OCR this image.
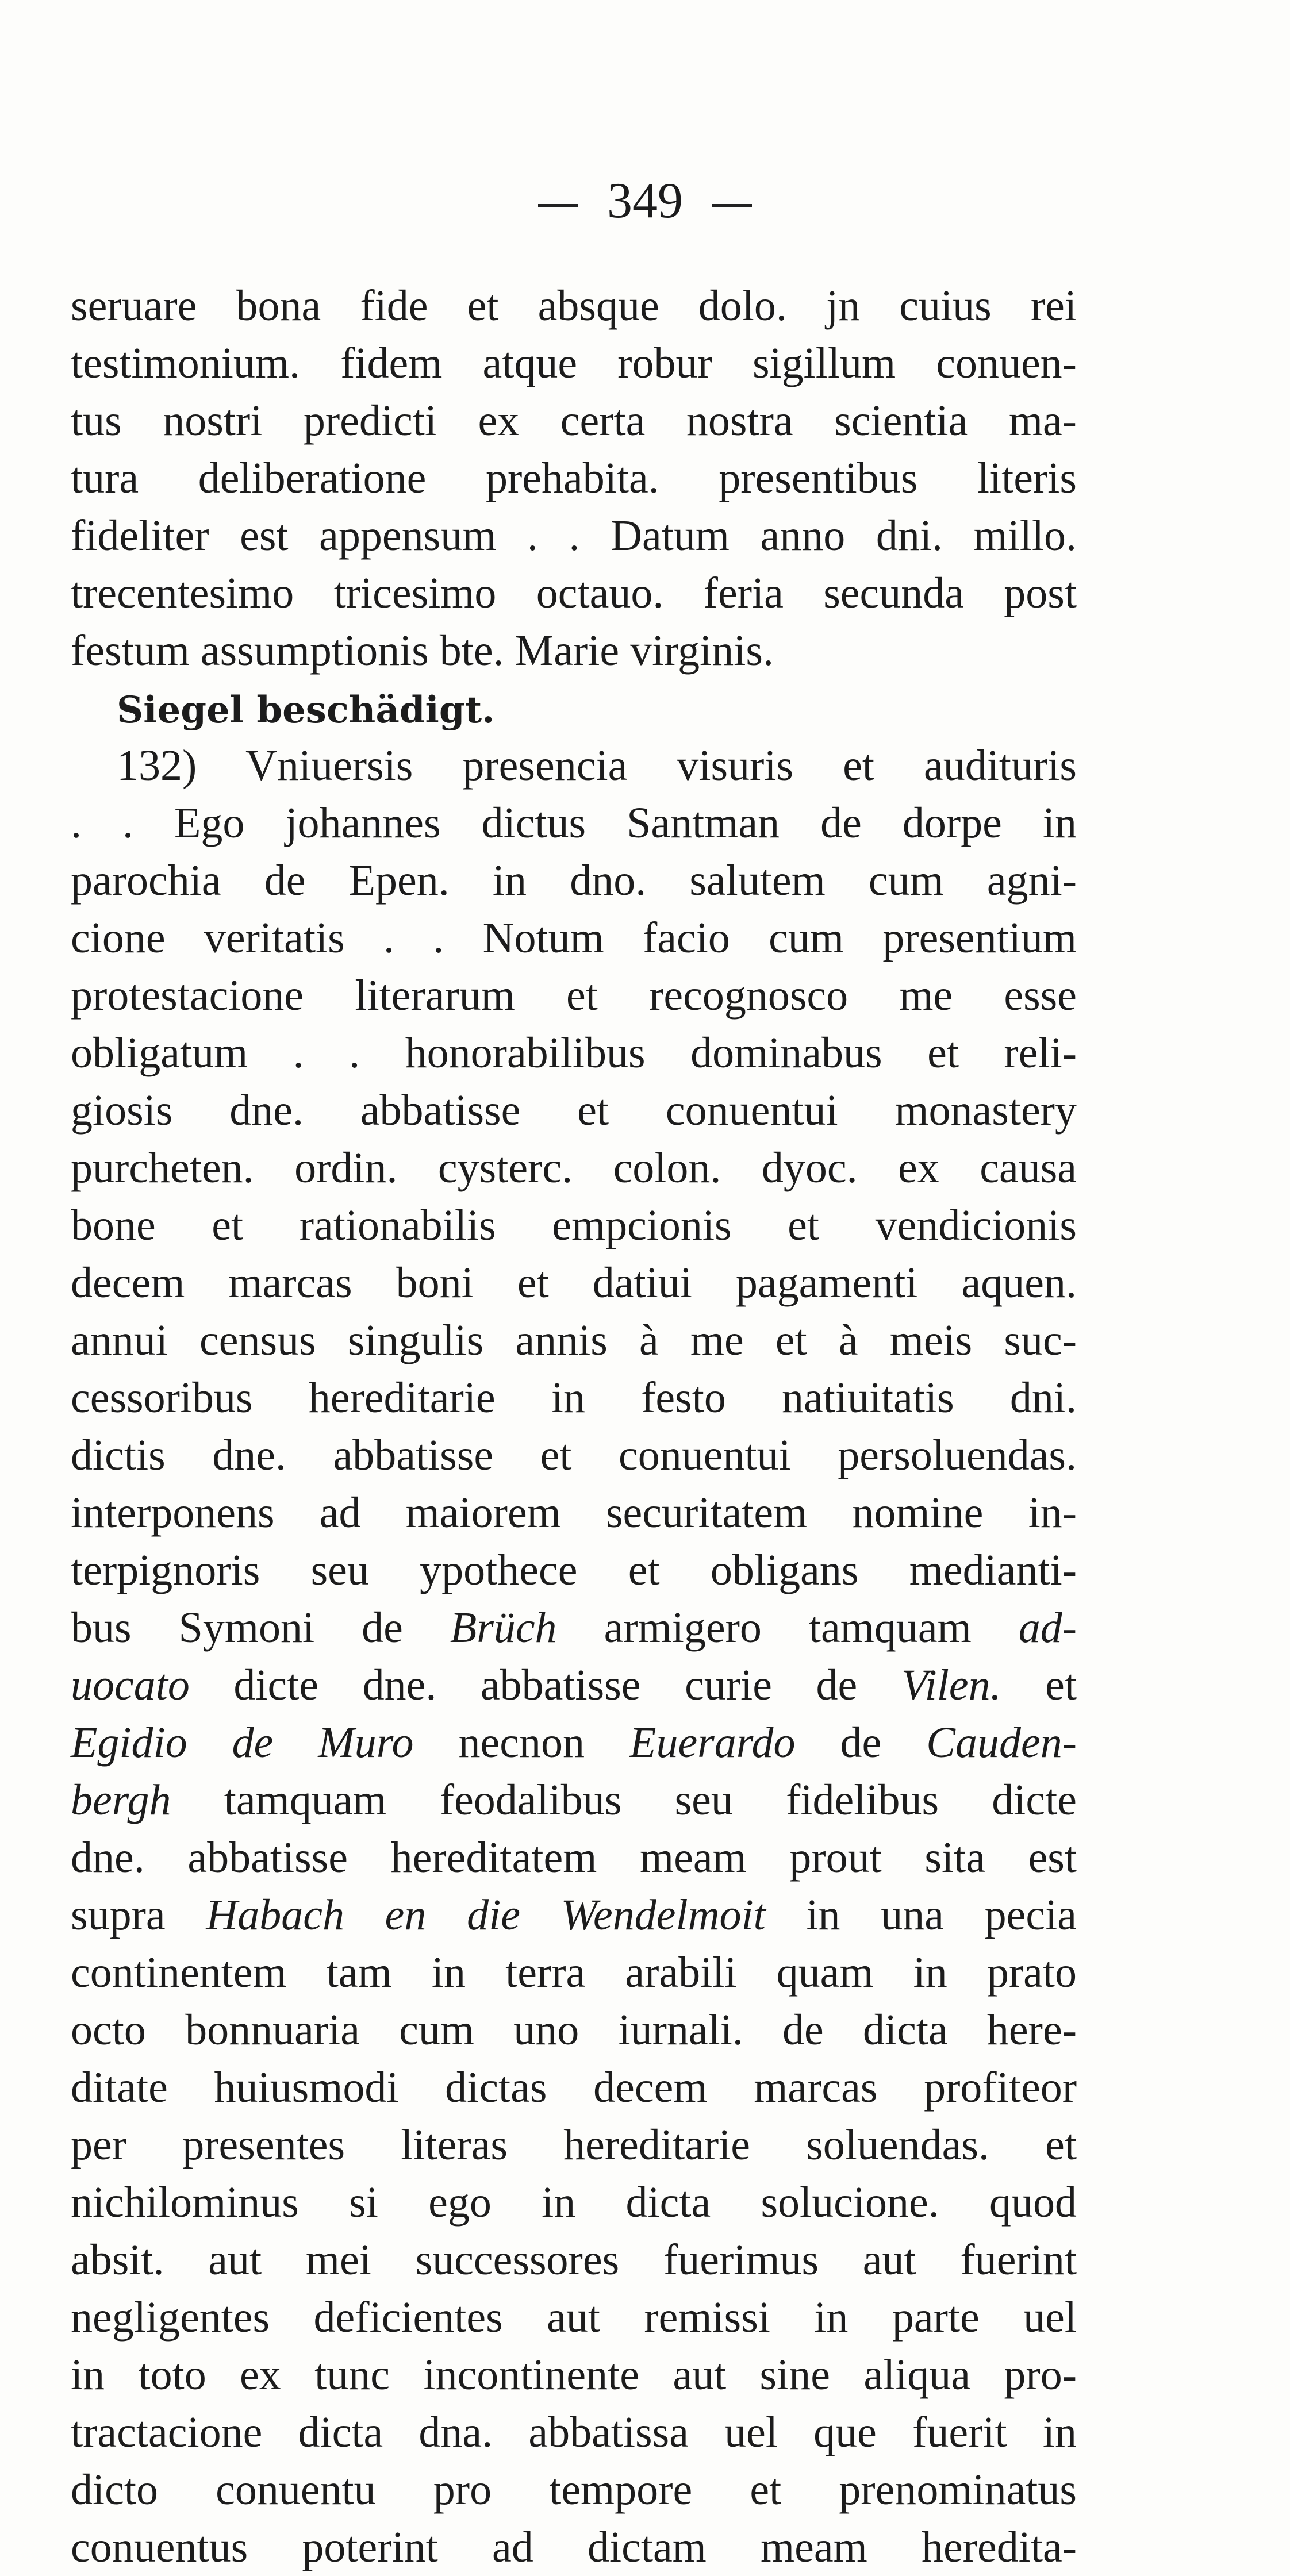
349
seruare bona fide et absque dolo. jn cuius rei
testimonium. fidem atque robur sigillum conuen-
tus nostri predicti ex certa nostra scientia ma-
tura deliberatione prehabita. presentibus literis
fideliter est appensum . . Datum anno dni. millo.
trecentesimo tricesimo octauo. feria secunda post
festum assumptionis bte. Marie virginis.
Siegel beschädigt.
132) Vniuersis presencia visuris et audituris
. . Ego johannes dictus Santman de dorpe in
parochia de Epen. in dno. salutem cum agni-
cione veritatis . . Notum facio cum presentium
protestacione literarum et recognosco me esse
obligatum . . honorabilibus dominabus et reli-
giosis dne. abbatisse et conuentui monastery
purcheten. ordin. cysterc. colon. dyoc. ex causa
bone et rationabilis empcionis et vendicionis
decem marcas boni et datiui pagamenti aquen.
annui census singulis annis à me et à meis suc-
cessoribus hereditarie in festo natiuitatis dni.
dictis dne. abbatisse et conuentui persoluendas.
interponens ad maiorem securitatem nomine in-
terpignoris seu ypothece et obligans medianti-
bus Symoni de Brüch armigero tamquam ad-
uocato dicte dne. abbatisse curie de Vilen. et
Egidio de Muro necnon Euerardo de Cauden-
bergh tamquam feodalibus seu fidelibus dicte
dne. abbatisse hereditatem meam prout sita est
supra Habach en die Wendelmoit in una pecia
continentem tam in terra arabili quam in prato
octo bonnuaria cum uno iurnali. de dicta here-
ditate huiusmodi dictas decem marcas profiteor
per presentes literas hereditarie soluendas. et
nichilominus si ego in dicta solucione. quod
absit. aut mei successores fuerimus aut fuerint
negligentes deficientes aut remissi in parte uel
in toto ex tunc incontinente aut sine aliqua pro-
tractacione dicta dna. abbatissa uel que fuerit in
dicto conuentu pro tempore et prenominatus
conuentus poterint ad dictam meam heredita-
